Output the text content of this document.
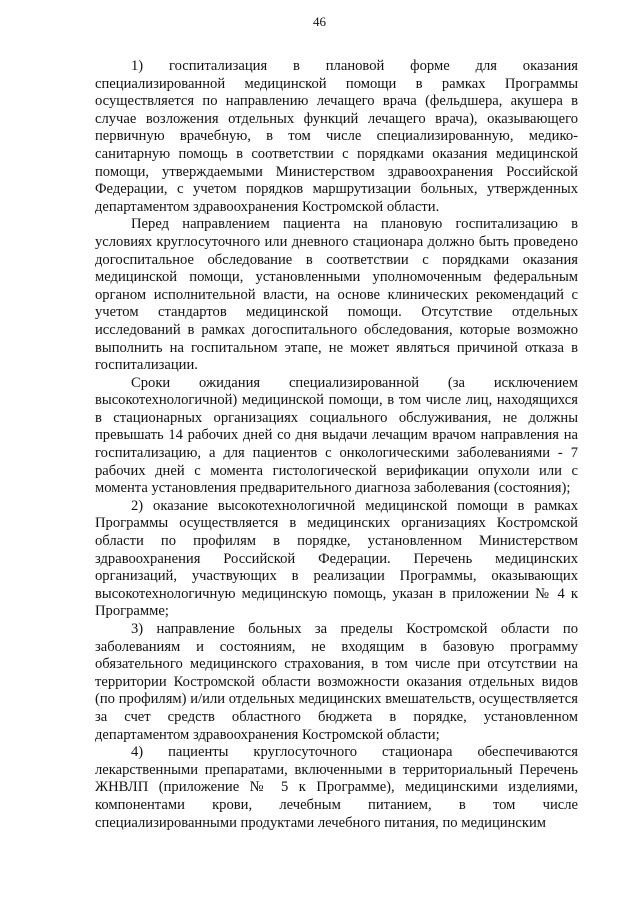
46

1) госпитализация в плановой форме для оказания специализированной медицинской помощи в рамках Программы осуществляется по направлению лечащего врача (фельдшера, акушера в случае возложения отдельных функций лечащего врача), оказывающего первичную врачебную, в том числе специализированную, медико-санитарную помощь в соответствии с порядками оказания медицинской помощи, утверждаемыми Министерством здравоохранения Российской Федерации, с учетом порядков маршрутизации больных, утвержденных департаментом здравоохранения Костромской области.

Перед направлением пациента на плановую госпитализацию в условиях круглосуточного или дневного стационара должно быть проведено догоспитальное обследование в соответствии с порядками оказания медицинской помощи, установленными уполномоченным федеральным органом исполнительной власти, на основе клинических рекомендаций с учетом стандартов медицинской помощи. Отсутствие отдельных исследований в рамках догоспитального обследования, которые возможно выполнить на госпитальном этапе, не может являться причиной отказа в госпитализации.

Сроки ожидания специализированной (за исключением высокотехнологичной) медицинской помощи, в том числе лиц, находящихся в стационарных организациях социального обслуживания, не должны превышать 14 рабочих дней со дня выдачи лечащим врачом направления на госпитализацию, а для пациентов с онкологическими заболеваниями - 7 рабочих дней с момента гистологической верификации опухоли или с момента установления предварительного диагноза заболевания (состояния);

2) оказание высокотехнологичной медицинской помощи в рамках Программы осуществляется в медицинских организациях Костромской области по профилям в порядке, установленном Министерством здравоохранения Российской Федерации. Перечень медицинских организаций, участвующих в реализации Программы, оказывающих высокотехнологичную медицинскую помощь, указан в приложении № 4 к Программе;

3) направление больных за пределы Костромской области по заболеваниям и состояниям, не входящим в базовую программу обязательного медицинского страхования, в том числе при отсутствии на территории Костромской области возможности оказания отдельных видов (по профилям) и/или отдельных медицинских вмешательств, осуществляется за счет средств областного бюджета в порядке, установленном департаментом здравоохранения Костромской области;

4) пациенты круглосуточного стационара обеспечиваются лекарственными препаратами, включенными в территориальный Перечень ЖНВЛП (приложение № 5 к Программе), медицинскими изделиями, компонентами крови, лечебным питанием, в том числе специализированными продуктами лечебного питания, по медицинским
